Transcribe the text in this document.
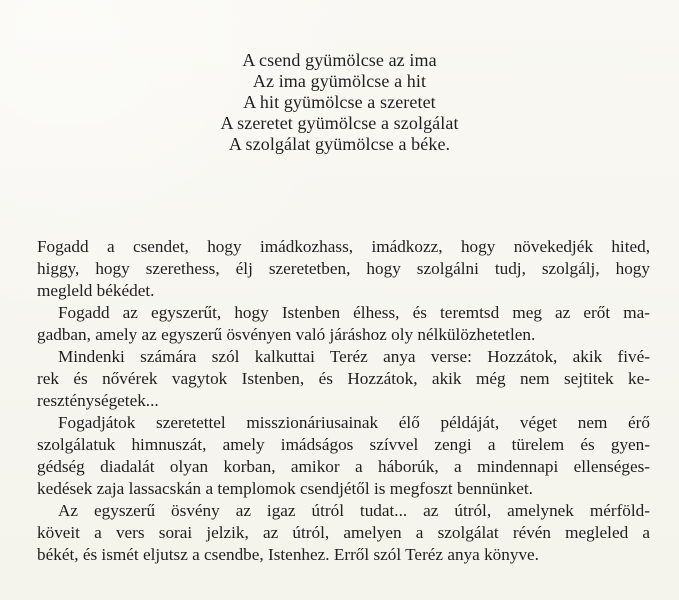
A csend gyümölcse az ima
Az ima gyümölcse a hit
A hit gyümölcse a szeretet
A szeretet gyümölcse a szolgálat
A szolgálat gyümölcse a béke.
Fogadd a csendet, hogy imádkozhass, imádkozz, hogy növekedjék hited,
higgy, hogy szerethess, élj szeretetben, hogy szolgálni tudj, szolgálj, hogy
megleld békédet.
Fogadd az egyszerűt, hogy Istenben élhess, és teremtsd meg az erőt ma-
gadban, amely az egyszerű ösvényen való járáshoz oly nélkülözhetetlen.
Mindenki számára szól kalkuttai Teréz anya verse: Hozzátok, akik fivé-
rek és nővérek vagytok Istenben, és Hozzátok, akik még nem sejtitek ke-
reszténységetek...
Fogadjátok szeretettel misszionáriusainak élő példáját, véget nem érő
szolgálatuk himnuszát, amely imádságos szívvel zengi a türelem és gyen-
gédség diadalát olyan korban, amikor a háborúk, a mindennapi ellenséges-
kedések zaja lassacskán a templomok csendjétől is megfoszt bennünket.
Az egyszerű ösvény az igaz útról tudat... az útról, amelynek mérföld-
köveit a vers sorai jelzik, az útról, amelyen a szolgálat révén megleled a
békét, és ismét eljutsz a csendbe, Istenhez. Erről szól Teréz anya könyve.
